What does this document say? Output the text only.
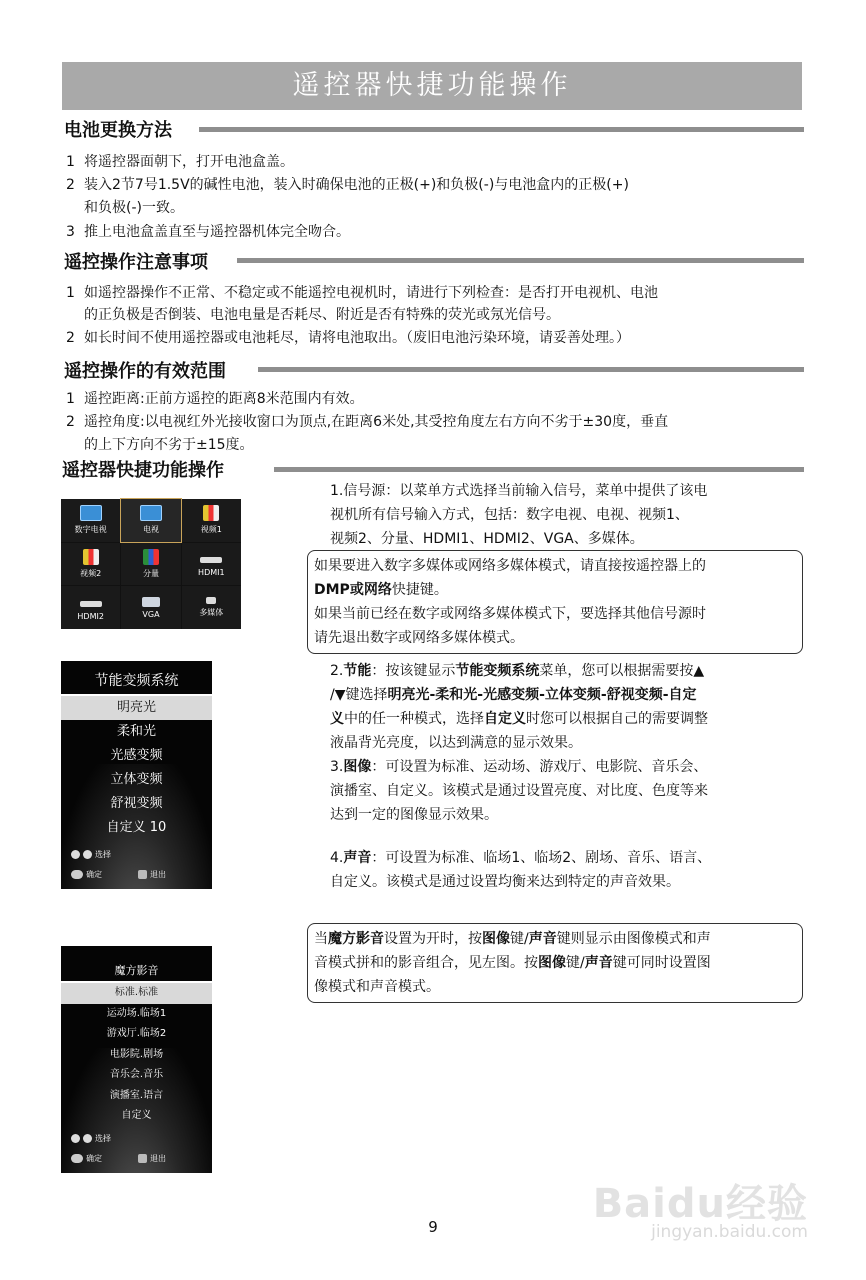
遥控器快捷功能操作
电池更换方法
1 将遥控器面朝下，打开电池盒盖。
2 装入2节7号1.5V的碱性电池，装入时确保电池的正极(+)和负极(-)与电池盒内的正极(+)
和负极(-)一致。
3 推上电池盒盖直至与遥控器机体完全吻合。
遥控操作注意事项
1 如遥控器操作不正常、不稳定或不能遥控电视机时，请进行下列检查：是否打开电视机、电池
的正负极是否倒装、电池电量是否耗尽、附近是否有特殊的荧光或氖光信号。
2 如长时间不使用遥控器或电池耗尽，请将电池取出。（废旧电池污染环境，请妥善处理。）
遥控操作的有效范围
1 遥控距离:正前方遥控的距离8米范围内有效。
2 遥控角度:以电视红外光接收窗口为顶点,在距离6米处,其受控角度左右方向不劣于±30度，垂直
的上下方向不劣于±15度。
遥控器快捷功能操作
数字电视	电视	视频1
视频2	分量	HDMI1
HDMI2	VGA	多媒体
1.信号源：以菜单方式选择当前输入信号，菜单中提供了该电
视机所有信号输入方式，包括：数字电视、电视、视频1、
视频2、分量、HDMI1、HDMI2、VGA、多媒体。
如果要进入数字多媒体或网络多媒体模式，请直接按遥控器上的
DMP或网络快捷键。
如果当前已经在数字或网络多媒体模式下，要选择其他信号源时
请先退出数字或网络多媒体模式。
节能变频系统
明亮光
柔和光
光感变频
立体变频
舒视变频
自定义 10
选择
确定	退出
2.节能：按该键显示节能变频系统菜单，您可以根据需要按▲
/▼键选择明亮光-柔和光-光感变频-立体变频-舒视变频-自定
义中的任一种模式，选择自定义时您可以根据自己的需要调整
液晶背光亮度，以达到满意的显示效果。
3.图像：可设置为标准、运动场、游戏厅、电影院、音乐会、
演播室、自定义。该模式是通过设置亮度、对比度、色度等来
达到一定的图像显示效果。
4.声音：可设置为标准、临场1、临场2、剧场、音乐、语言、
自定义。该模式是通过设置均衡来达到特定的声音效果。
当魔方影音设置为开时，按图像键/声音键则显示由图像模式和声
音模式拼和的影音组合，见左图。按图像键/声音键可同时设置图
像模式和声音模式。
魔方影音
标准.标准
运动场.临场1
游戏厅.临场2
电影院.剧场
音乐会.音乐
演播室.语言
自定义
选择
确定	退出
9	Baidu经验
jingyan.baidu.com
